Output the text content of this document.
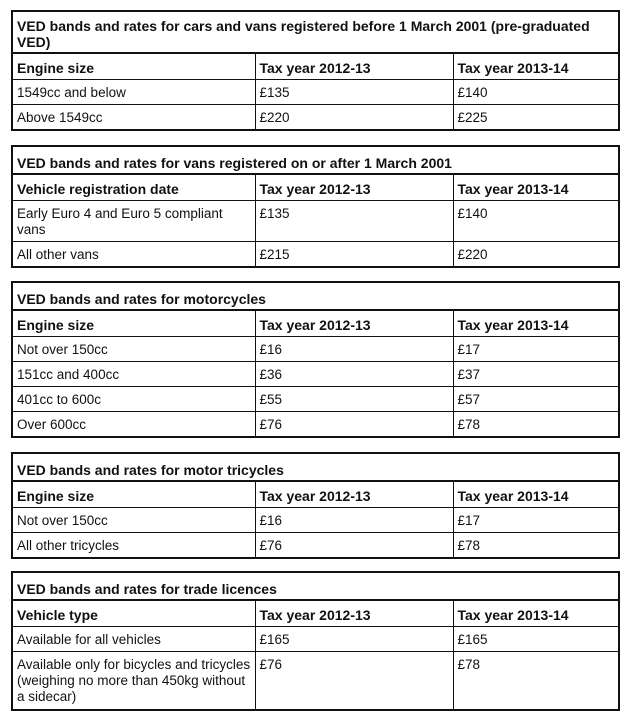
VED bands and rates for cars and vans registered before 1 March 2001 (pre-graduated VED)		
Engine size	Tax year 2012-13	Tax year 2013-14
1549cc and below	£135	£140
Above 1549cc	£220	£225
VED bands and rates for vans registered on or after 1 March 2001		
Vehicle registration date	Tax year 2012-13	Tax year 2013-14
Early Euro 4 and Euro 5 compliant vans	£135	£140
All other vans	£215	£220
VED bands and rates for motorcycles		
Engine size	Tax year 2012-13	Tax year 2013-14
Not over 150cc	£16	£17
151cc and 400cc	£36	£37
401cc to 600c	£55	£57
Over 600cc	£76	£78
VED bands and rates for motor tricycles		
Engine size	Tax year 2012-13	Tax year 2013-14
Not over 150cc	£16	£17
All other tricycles	£76	£78
VED bands and rates for trade licences		
Vehicle type	Tax year 2012-13	Tax year 2013-14
Available for all vehicles	£165	£165
Available only for bicycles and tricycles (weighing no more than 450kg without a sidecar)	£76	£78
